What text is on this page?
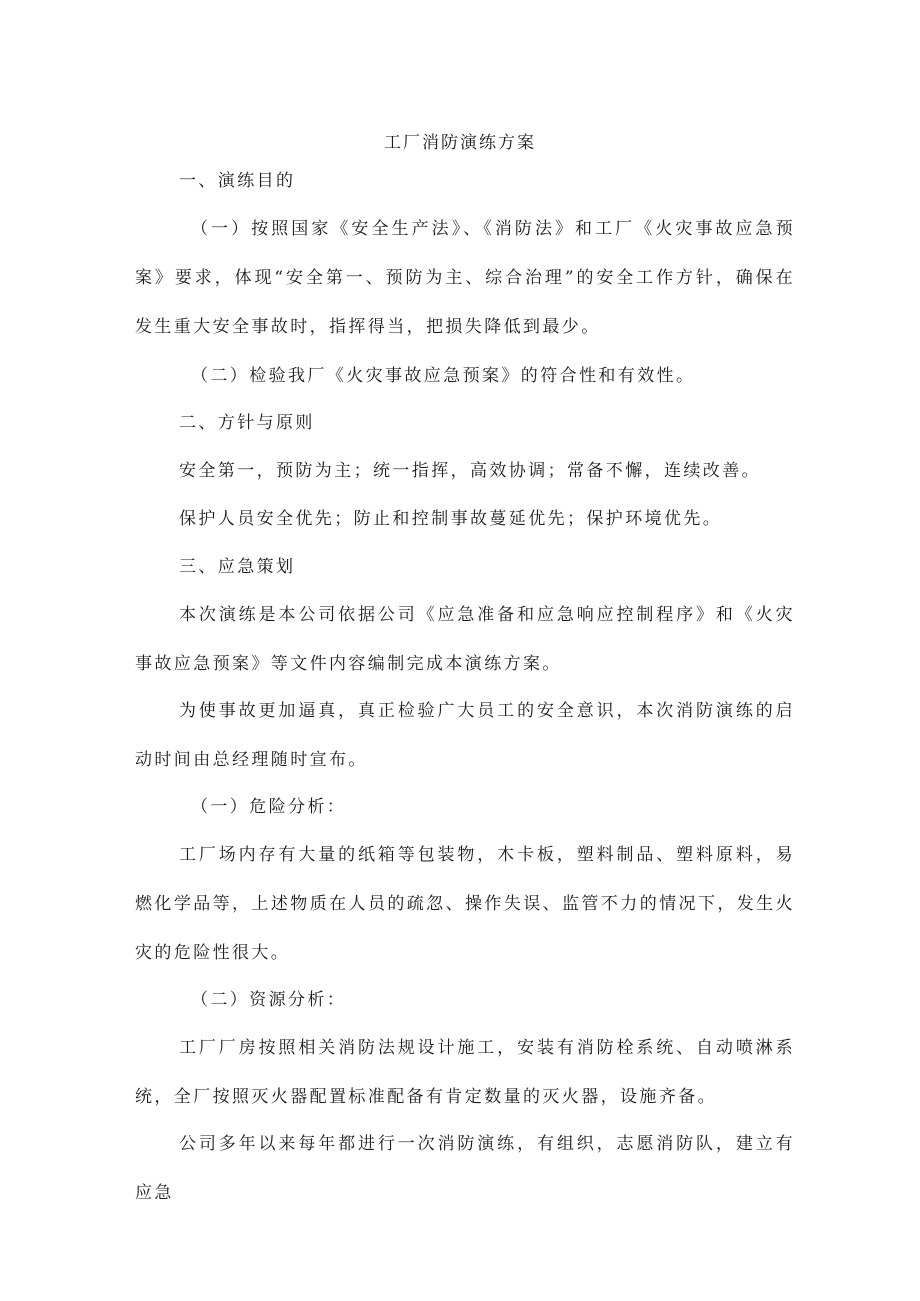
工厂消防演练方案

一、演练目的

（一）按照国家《安全生产法》、《消防法》和工厂《火灾事故应急预案》要求，体现“安全第一、预防为主、综合治理”的安全工作方针，确保在发生重大安全事故时，指挥得当，把损失降低到最少。

（二）检验我厂《火灾事故应急预案》的符合性和有效性。

二、方针与原则

安全第一，预防为主；统一指挥，高效协调；常备不懈，连续改善。

保护人员安全优先；防止和控制事故蔓延优先；保护环境优先。

三、应急策划

本次演练是本公司依据公司《应急准备和应急响应控制程序》和《火灾事故应急预案》等文件内容编制完成本演练方案。

为使事故更加逼真，真正检验广大员工的安全意识，本次消防演练的启动时间由总经理随时宣布。

（一）危险分析：

工厂场内存有大量的纸箱等包装物，木卡板，塑料制品、塑料原料，易燃化学品等，上述物质在人员的疏忽、操作失误、监管不力的情况下，发生火灾的危险性很大。

（二）资源分析：

工厂厂房按照相关消防法规设计施工，安装有消防栓系统、自动喷淋系统，全厂按照灭火器配置标准配备有肯定数量的灭火器，设施齐备。

公司多年以来每年都进行一次消防演练，有组织，志愿消防队，建立有应急
